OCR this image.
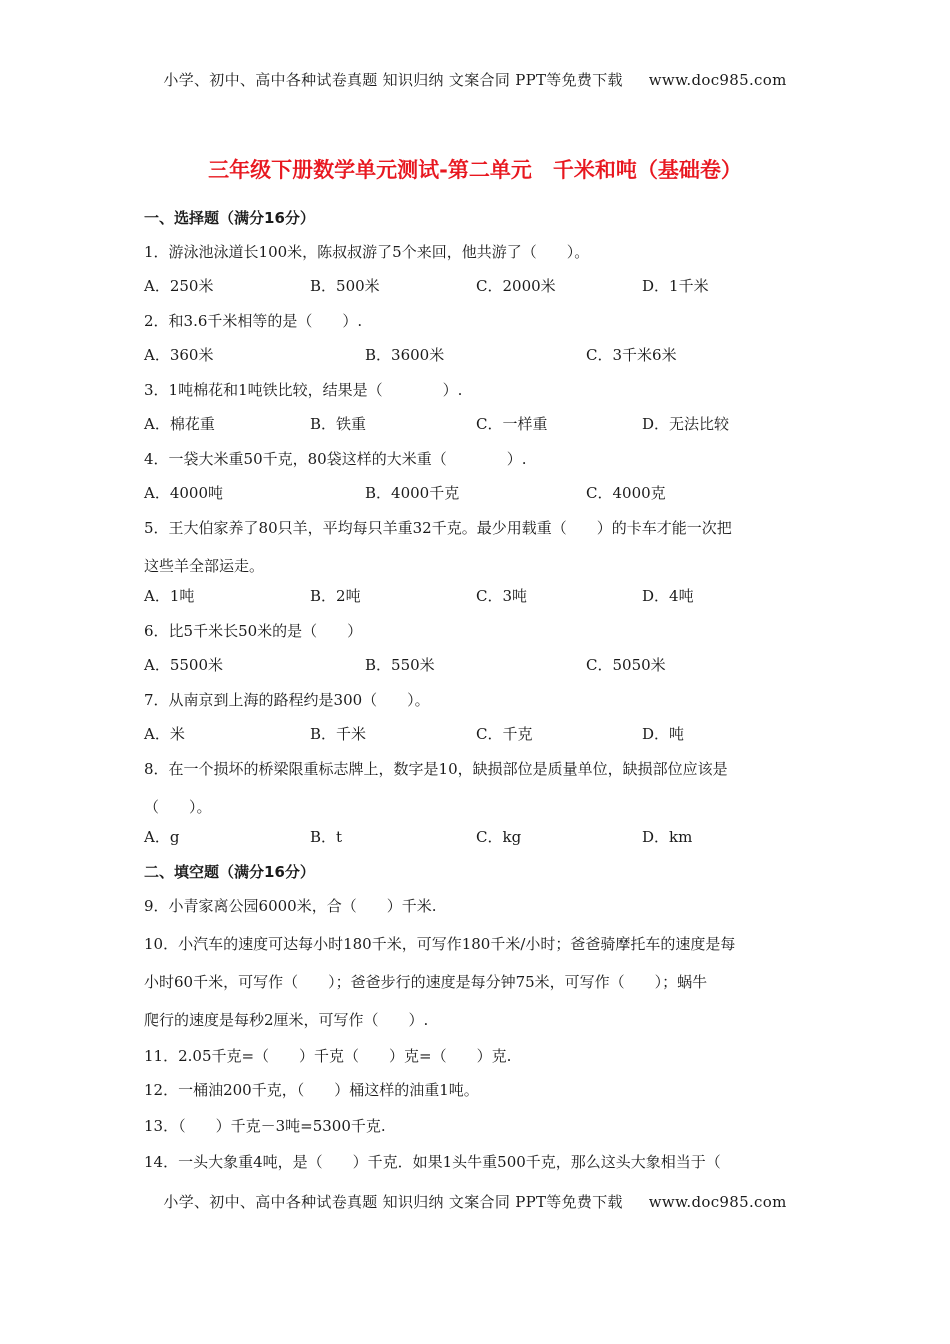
小学、初中、高中各种试卷真题 知识归纳 文案合同 PPT等免费下载 www.doc985.com
三年级下册数学单元测试-第二单元　千米和吨（基础卷）
一、选择题（满分16分）
1．游泳池泳道长100米，陈叔叔游了5个来回，他共游了（　　）。
A．250米	B．500米	C．2000米	D．1千米
2．和3.6千米相等的是（　　）.
A．360米	B．3600米	C．3千米6米
3．1吨棉花和1吨铁比较，结果是（　　　　）.
A．棉花重	B．铁重	C．一样重	D．无法比较
4．一袋大米重50千克，80袋这样的大米重（　　　　）.
A．4000吨	B．4000千克	C．4000克
5．王大伯家养了80只羊，平均每只羊重32千克。最少用载重（　　）的卡车才能一次把
这些羊全部运走。
A．1吨	B．2吨	C．3吨	D．4吨
6．比5千米长50米的是（　　）
A．5500米	B．550米	C．5050米
7．从南京到上海的路程约是300（　　）。
A．米	B．千米	C．千克	D．吨
8．在一个损坏的桥梁限重标志牌上，数字是10，缺损部位是质量单位，缺损部位应该是
（　　）。
A．g	B．t	C．kg	D．km
二、填空题（满分16分）
9．小青家离公园6000米，合（　　）千米.
10．小汽车的速度可达每小时180千米，可写作180千米/小时；爸爸骑摩托车的速度是每
小时60千米，可写作（　　）；爸爸步行的速度是每分钟75米，可写作（　　）；蜗牛
爬行的速度是每秒2厘米，可写作（　　）.
11．2.05千克=（　　）千克（　　）克=（　　）克.
12．一桶油200千克，（　　）桶这样的油重1吨。
13．（　　）千克－3吨=5300千克.
14．一头大象重4吨，是（　　）千克．如果1头牛重500千克，那么这头大象相当于（
小学、初中、高中各种试卷真题 知识归纳 文案合同 PPT等免费下载 www.doc985.com
